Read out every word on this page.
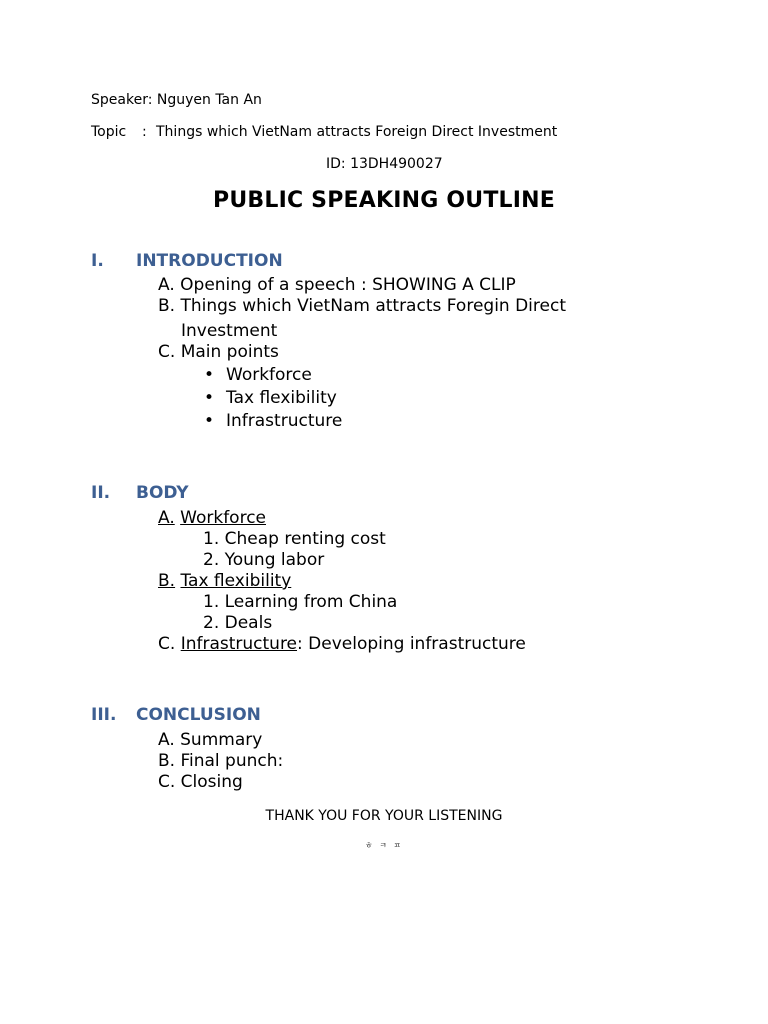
Speaker: Nguyen Tan An
Topic : Things which VietNam attracts Foreign Direct Investment
ID: 13DH490027
PUBLIC SPEAKING OUTLINE
I. INTRODUCTION
A. Opening of a speech : SHOWING A CLIP
B. Things which VietNam attracts Foregin Direct
Investment
C. Main points
• Workforce
• Tax flexibility
• Infrastructure
II. BODY
A. Workforce
1. Cheap renting cost
2. Young labor
B. Tax flexibility
1. Learning from China
2. Deals
C. Infrastructure: Developing infrastructure
III. CONCLUSION
A. Summary
B. Final punch:
C. Closing
THANK YOU FOR YOUR LISTENING
ㅎ ㅋ ㅍ
